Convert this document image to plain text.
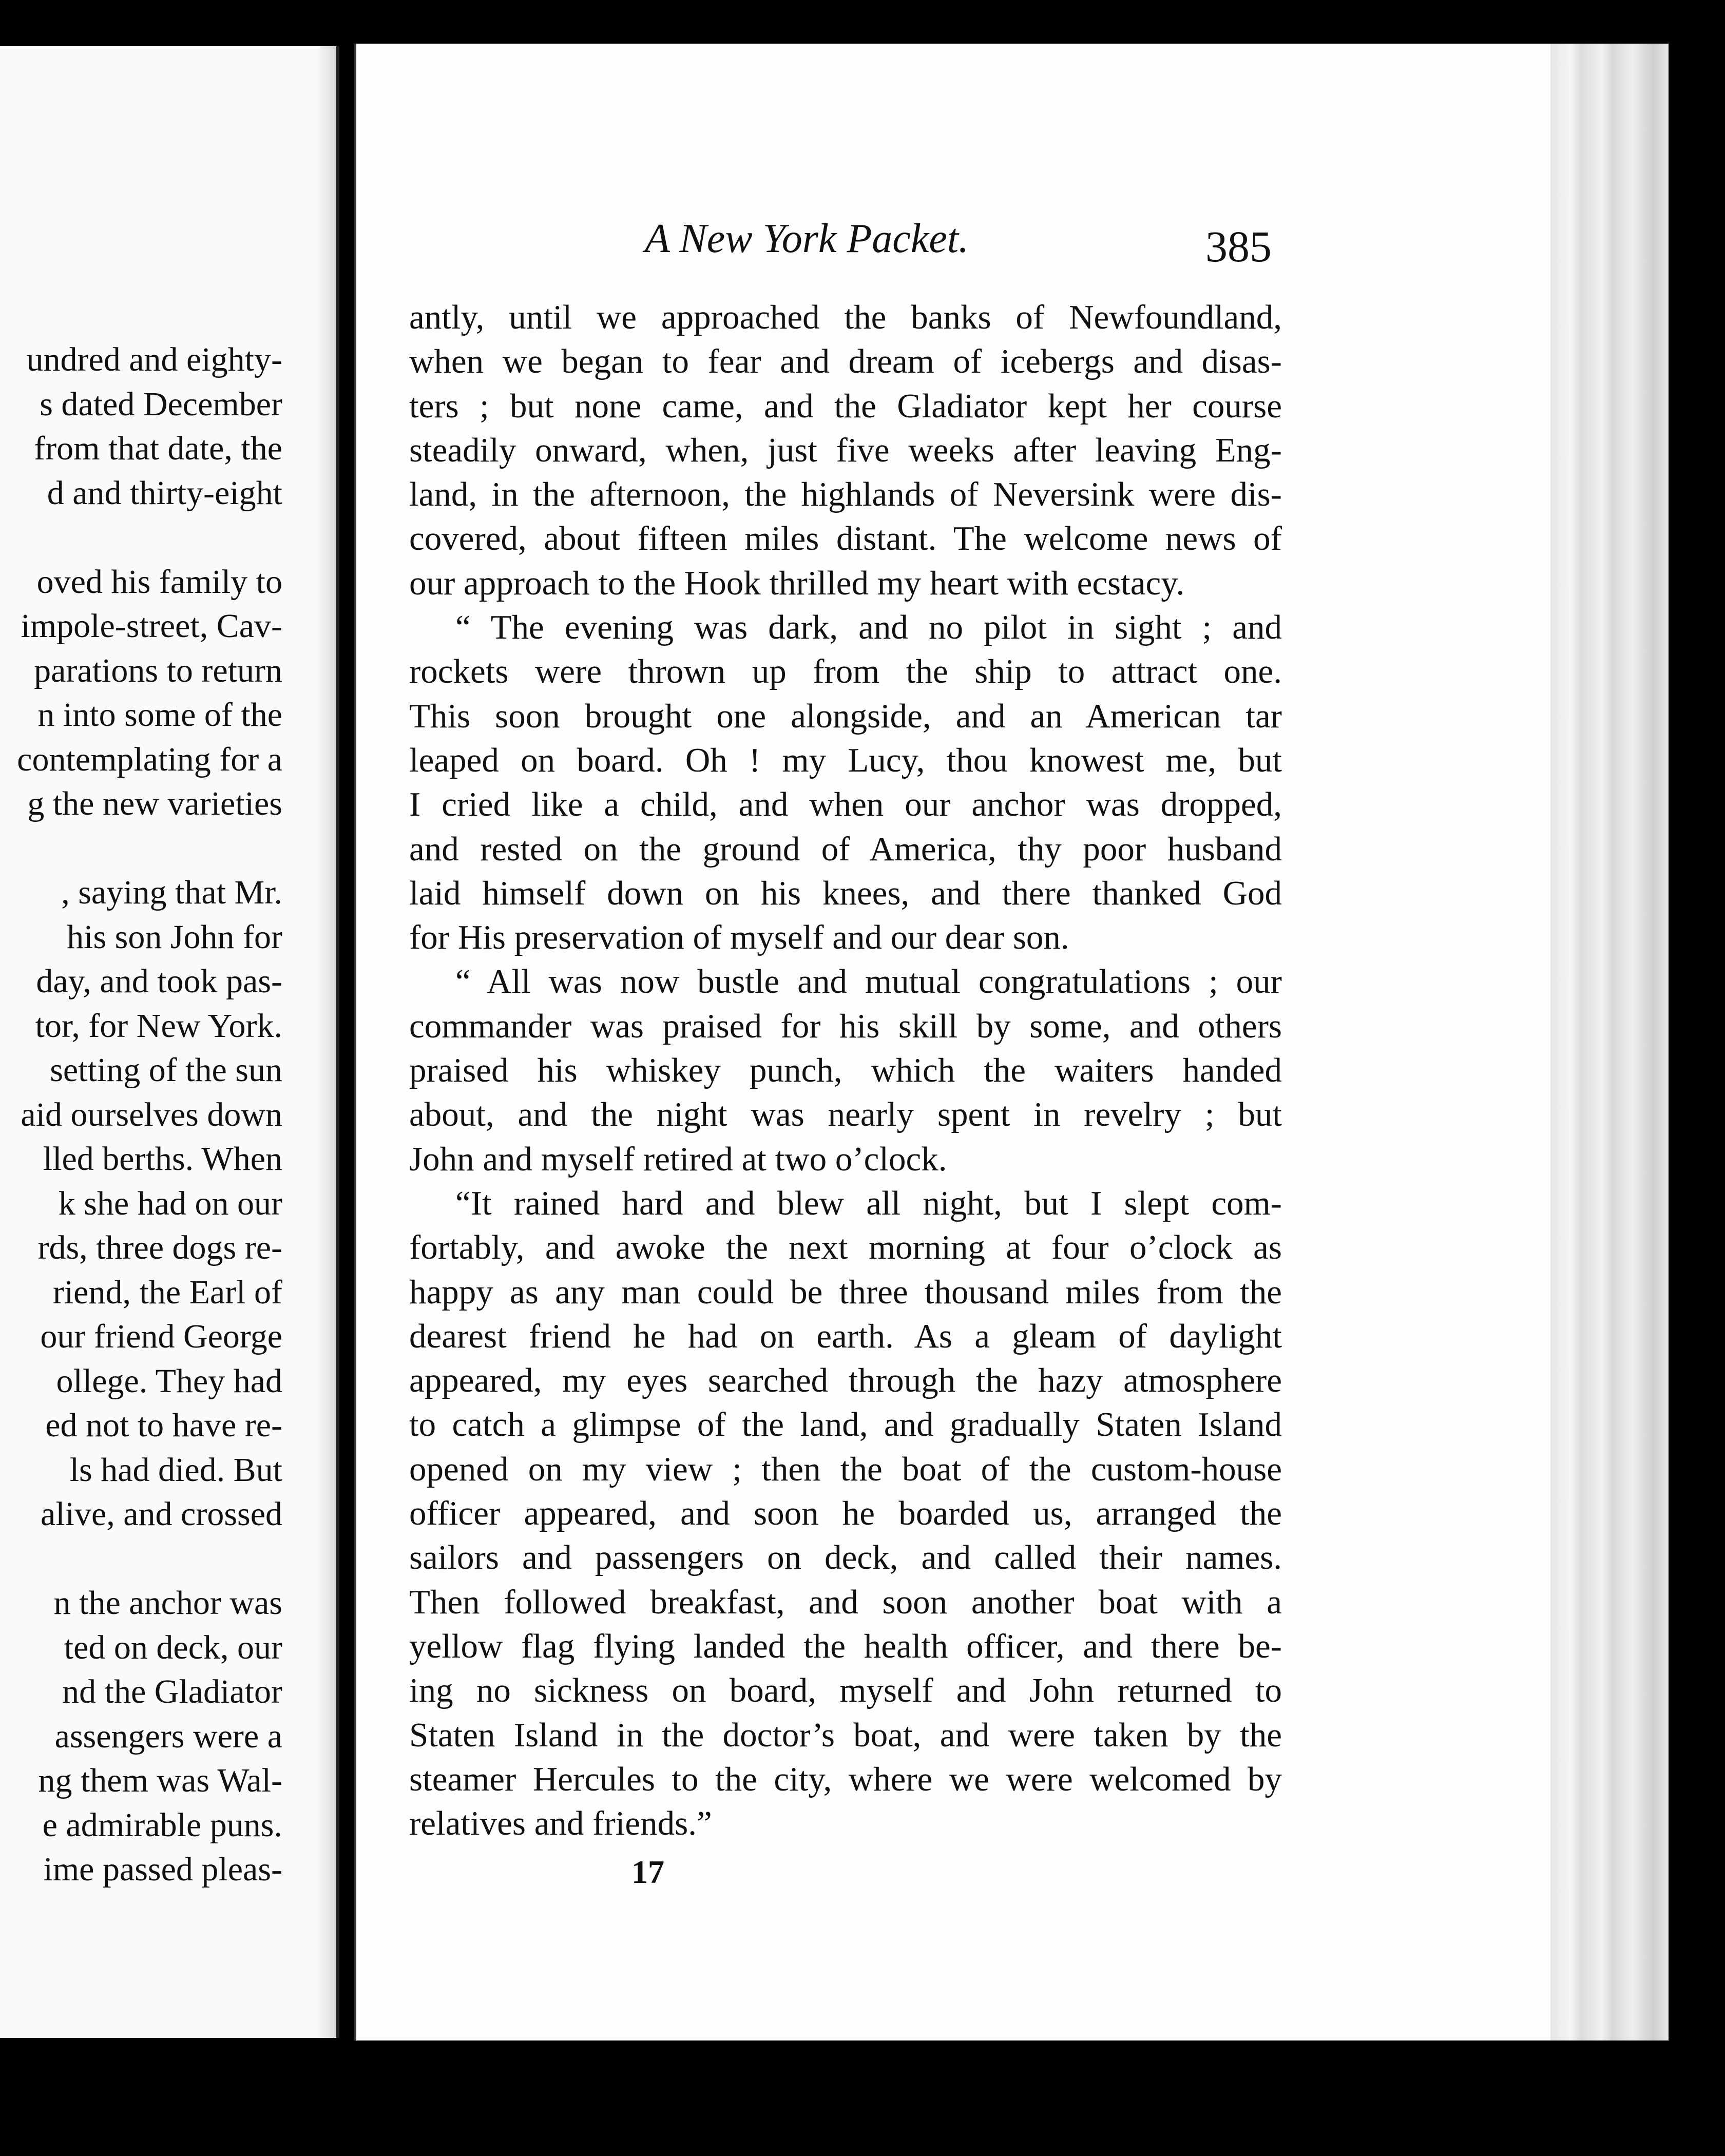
undred and eighty-
s dated December
from that date, the
d and thirty-eight

oved his family to
impole-street, Cav-
parations to return
n into some of the
contemplating for a
g the new varieties

, saying that Mr.
his son John for
day, and took pas-
tor, for New York.
setting of the sun
aid ourselves down
lled berths. When
k she had on our
rds, three dogs re-
riend, the Earl of
our friend George
ollege. They had
ed not to have re-
ls had died. But
alive, and crossed

n the anchor was
ted on deck, our
nd the Gladiator
assengers were a
ng them was Wal-
e admirable puns.
ime passed pleas-
A New York Packet.	385
antly, until we approached the banks of Newfoundland,
when we began to fear and dream of icebergs and disas-
ters ; but none came, and the Gladiator kept her course
steadily onward, when, just five weeks after leaving Eng-
land, in the afternoon, the highlands of Neversink were dis-
covered, about fifteen miles distant. The welcome news of
our approach to the Hook thrilled my heart with ecstacy.
“ The evening was dark, and no pilot in sight ; and
rockets were thrown up from the ship to attract one.
This soon brought one alongside, and an American tar
leaped on board. Oh ! my Lucy, thou knowest me, but
I cried like a child, and when our anchor was dropped,
and rested on the ground of America, thy poor husband
laid himself down on his knees, and there thanked God
for His preservation of myself and our dear son.
“ All was now bustle and mutual congratulations ; our
commander was praised for his skill by some, and others
praised his whiskey punch, which the waiters handed
about, and the night was nearly spent in revelry ; but
John and myself retired at two o’clock.
“It rained hard and blew all night, but I slept com-
fortably, and awoke the next morning at four o’clock as
happy as any man could be three thousand miles from the
dearest friend he had on earth. As a gleam of daylight
appeared, my eyes searched through the hazy atmosphere
to catch a glimpse of the land, and gradually Staten Island
opened on my view ; then the boat of the custom-house
officer appeared, and soon he boarded us, arranged the
sailors and passengers on deck, and called their names.
Then followed breakfast, and soon another boat with a
yellow flag flying landed the health officer, and there be-
ing no sickness on board, myself and John returned to
Staten Island in the doctor’s boat, and were taken by the
steamer Hercules to the city, where we were welcomed by
relatives and friends.”
17
